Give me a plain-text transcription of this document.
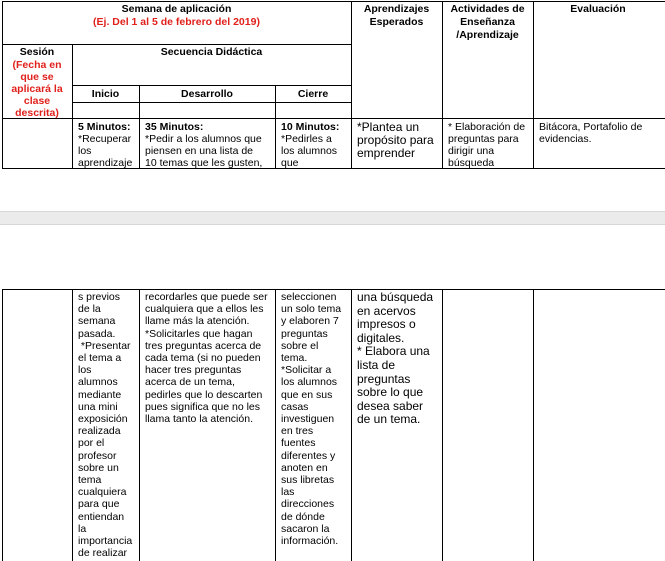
Semana de aplicación
(Ej. Del 1 al 5 de febrero del 2019)
Aprendizajes
Esperados
Actividades de
Enseñanza
/Aprendizaje
Evaluación
Sesión
(Fecha en
que se
aplicará la
clase
descrita)
Secuencia Didáctica
Inicio	Desarrollo	Cierre
5 Minutos:
*Recuperar
los
aprendizaje
35 Minutos:
*Pedir a los alumnos que
piensen en una lista de
10 temas que les gusten,
10 Minutos:
*Pedirles a
los alumnos
que
*Plantea un
propósito para
emprender
* Elaboración de
preguntas para
dirigir una
búsqueda
Bitácora, Portafolio de
evidencias.
s previos
de la
semana
pasada.
*Presentar
el tema a
los
alumnos
mediante
una mini
exposición
realizada
por el
profesor
sobre un
tema
cualquiera
para que
entiendan
la
importancia
de realizar
recordarles que puede ser
cualquiera que a ellos les
llame más la atención.
*Solicitarles que hagan
tres preguntas acerca de
cada tema (si no pueden
hacer tres preguntas
acerca de un tema,
pedirles que lo descarten
pues significa que no les
llama tanto la atención.
seleccionen
un solo tema
y elaboren 7
preguntas
sobre el
tema.
*Solicitar a
los alumnos
que en sus
casas
investiguen
en tres
fuentes
diferentes y
anoten en
sus libretas
las
direcciones
de dónde
sacaron la
información.
una búsqueda
en acervos
impresos o
digitales.
* Elabora una
lista de
preguntas
sobre lo que
desea saber
de un tema.
